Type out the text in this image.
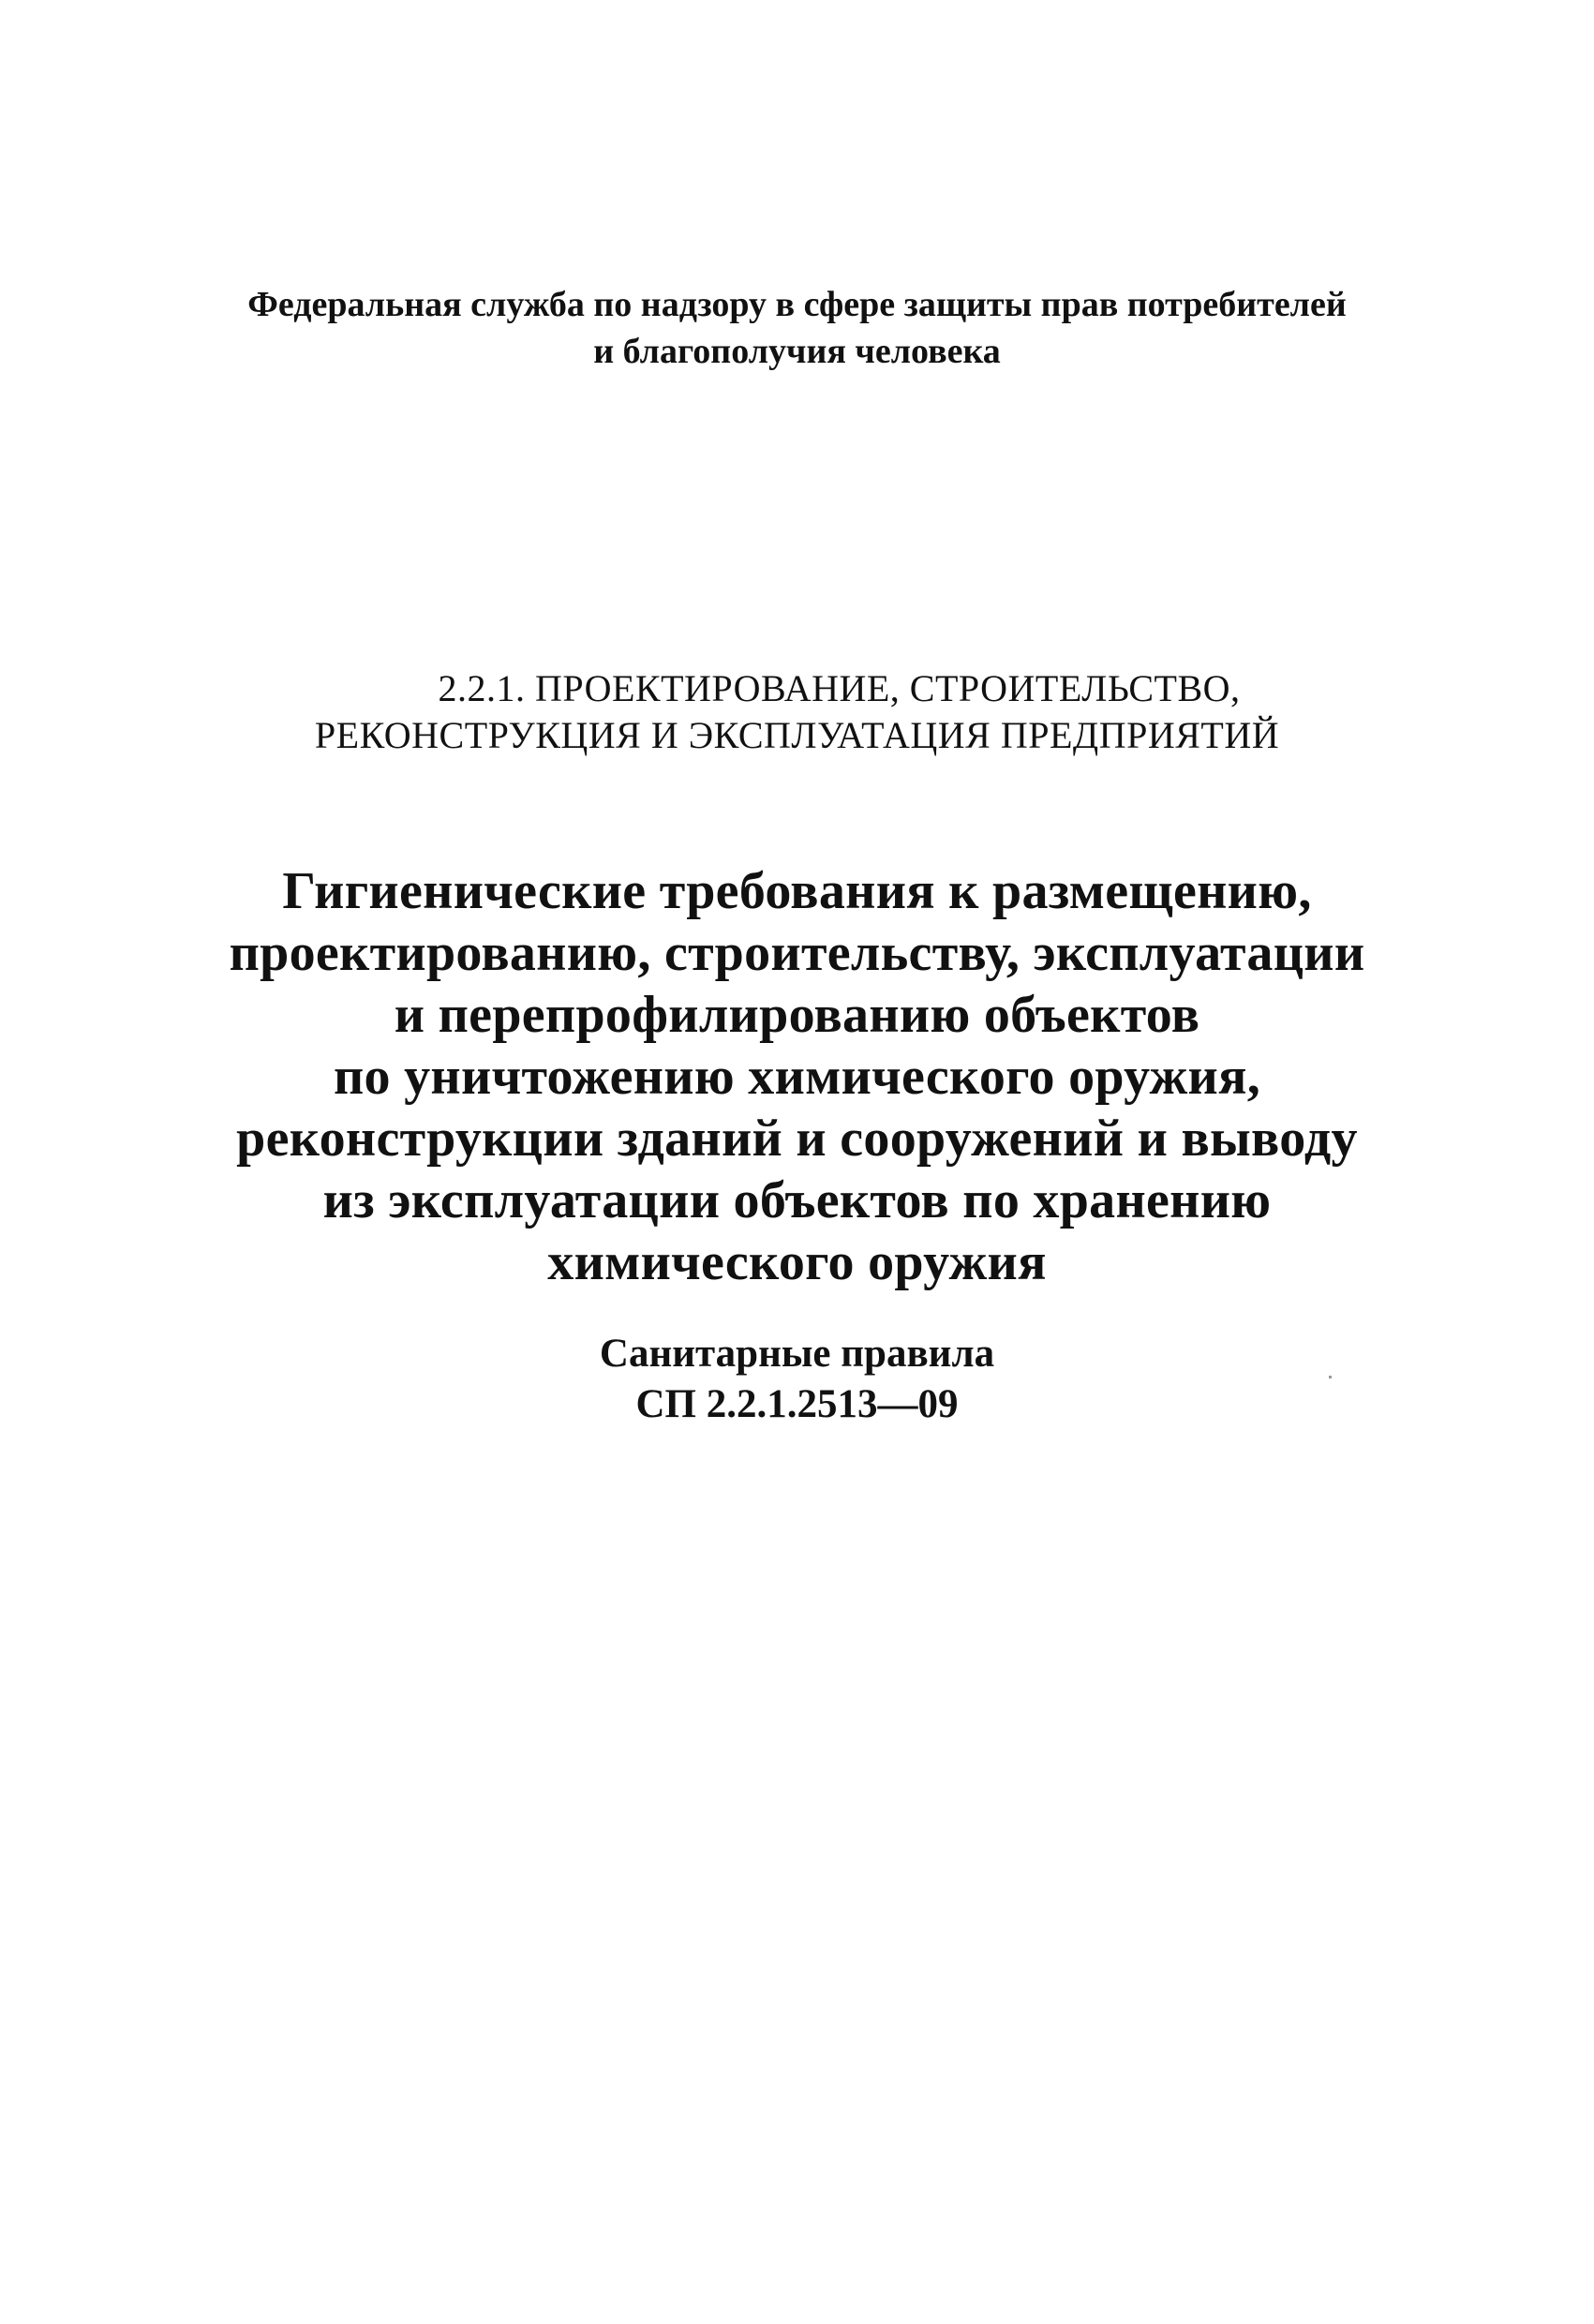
Федеральная служба по надзору в сфере защиты прав потребителей
и благополучия человека
2.2.1. ПРОЕКТИРОВАНИЕ, СТРОИТЕЛЬСТВО,
РЕКОНСТРУКЦИЯ И ЭКСПЛУАТАЦИЯ ПРЕДПРИЯТИЙ
Гигиенические требования к размещению,
проектированию, строительству, эксплуатации
и перепрофилированию объектов
по уничтожению химического оружия,
реконструкции зданий и сооружений и выводу
из эксплуатации объектов по хранению
химического оружия
Санитарные правила
СП 2.2.1.2513—09
